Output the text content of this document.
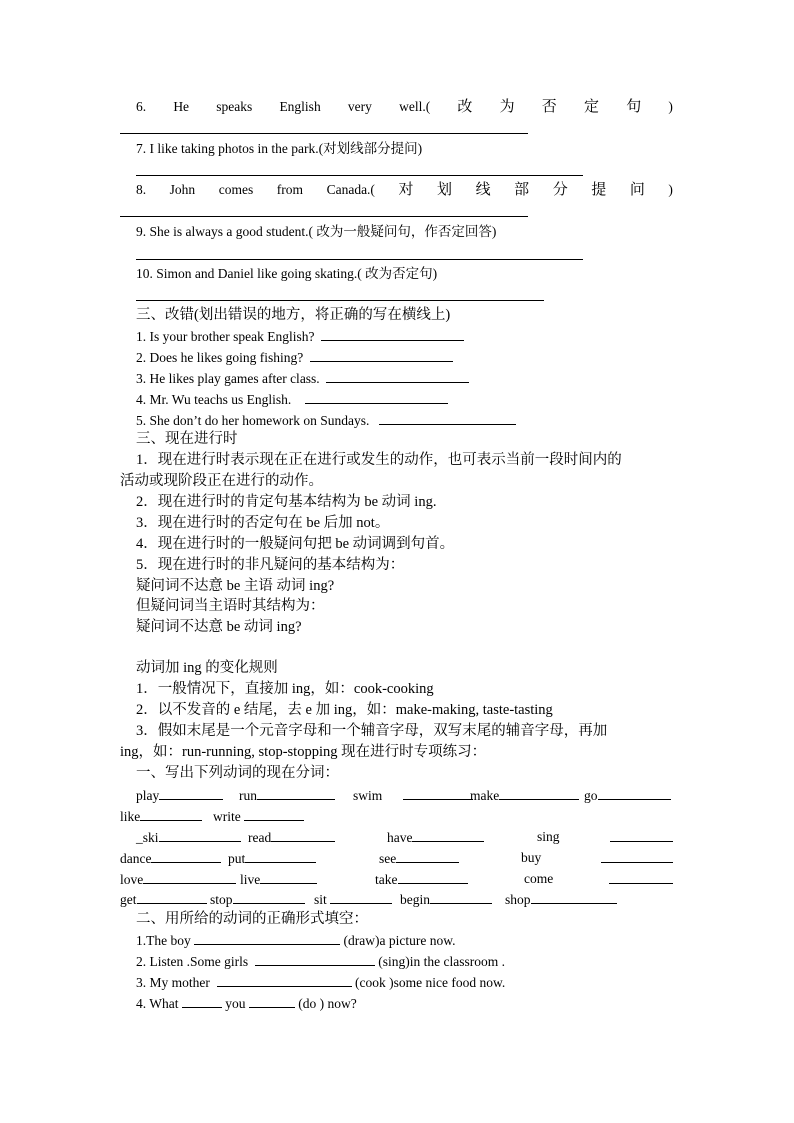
6. He speaks English very well.( 改 为 否 定 句 )
7. I like taking photos in the park.(对划线部分提问)
8. John comes from Canada.( 对 划 线 部 分 提 问 )
9. She is always a good student.( 改为一般疑问句，作否定回答)
10. Simon and Daniel like going skating.( 改为否定句)
三、改错(划出错误的地方，将正确的写在横线上)
1. Is your brother speak English?
2. Does he likes going fishing?
3. He likes play games after class.
4. Mr. Wu teachs us English.
5. She don’t do her homework on Sundays.
三、现在进行时
1．现在进行时表示现在正在进行或发生的动作，也可表示当前一段时间内的
活动或现阶段正在进行的动作。
2．现在进行时的肯定句基本结构为 be 动词 ing.
3．现在进行时的否定句在 be 后加 not。
4．现在进行时的一般疑问句把 be 动词调到句首。
5．现在进行时的非凡疑问的基本结构为：
疑问词不达意 be 主语 动词 ing?
但疑问词当主语时其结构为：
疑问词不达意 be 动词 ing?
动词加 ing 的变化规则
1．一般情况下，直接加 ing，如：cook-cooking
2．以不发音的 e 结尾，去 e 加 ing，如：make-making, taste-tasting
3．假如末尾是一个元音字母和一个辅音字母，双写末尾的辅音字母，再加
ing，如：run-running, stop-stopping 现在进行时专项练习：
一、写出下列动词的现在分词：
play	run	swim	make	go
like	write
_ski	read	have	sing
dance	put	see	buy
love	live	take	come
get	stop	sit	begin	shop
二、用所给的动词的正确形式填空：
1.The boy	(draw)a picture now.
2. Listen .Some girls	(sing)in the classroom .
3. My mother	(cook )some nice food now.
4. What	you	(do ) now?
